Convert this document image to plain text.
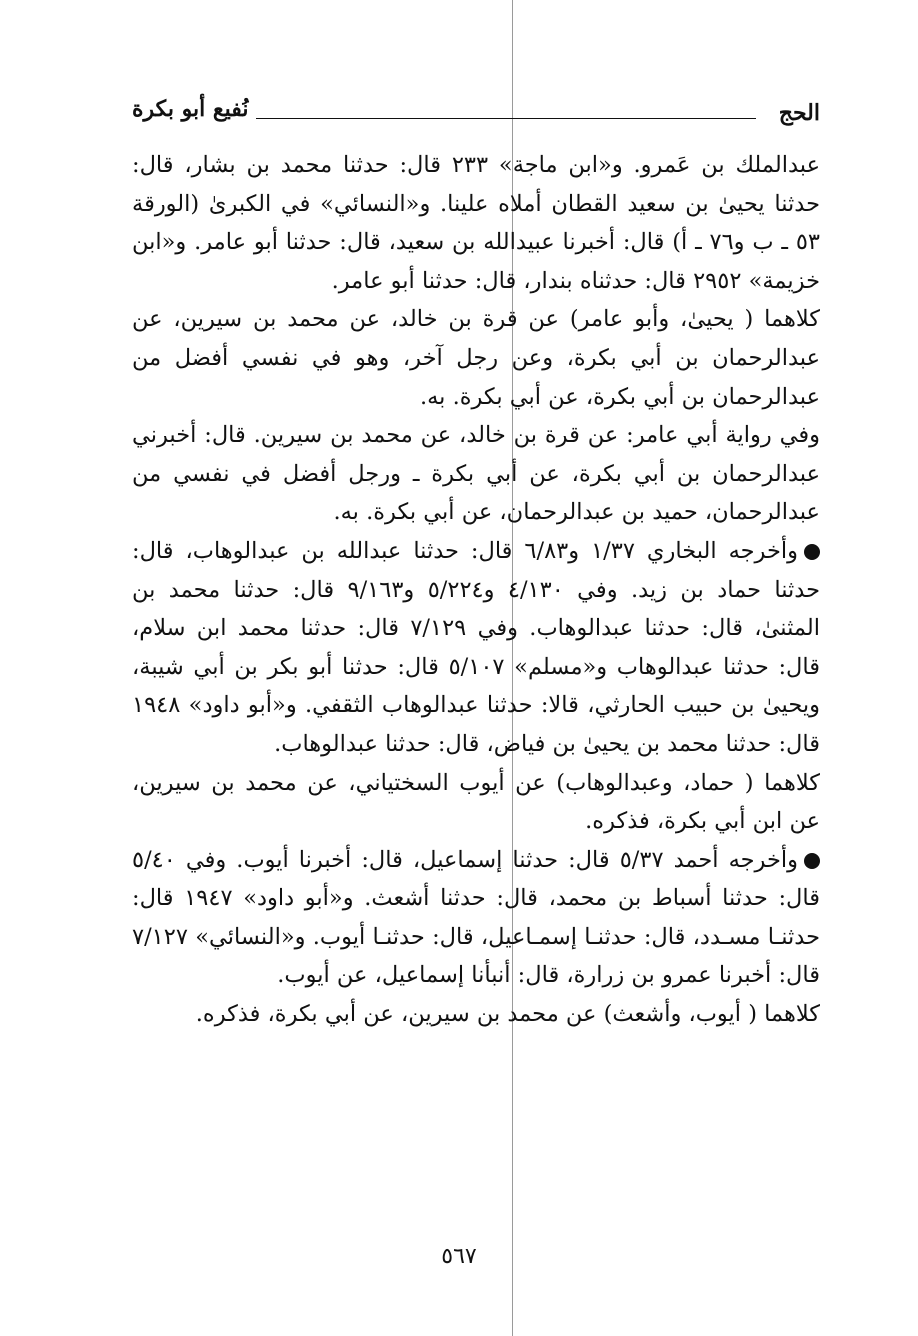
الحج
نُفيع أبو بكرة

عبدالملك بن عَمرو. و«ابن ماجة» ٢٣٣ قال: حدثنا محمد بن بشار، قال: حدثنا يحيىٰ بن سعيد القطان أملاه علينا. و«النسائي» في الكبرىٰ (الورقة ٥٣ ـ ب و٧٦ ـ أ) قال: أخبرنا عبيدالله بن سعيد، قال: حدثنا أبو عامر. و«ابن خزيمة» ٢٩٥٢ قال: حدثناه بندار، قال: حدثنا أبو عامر.

كلاهما ( يحيىٰ، وأبو عامر) عن قرة بن خالد، عن محمد بن سيرين، عن عبدالرحمان بن أبي بكرة، وعن رجل آخر، وهو في نفسي أفضل من عبدالرحمان بن أبي بكرة، عن أبي بكرة. به.

وفي رواية أبي عامر: عن قرة بن خالد، عن محمد بن سيرين. قال: أخبرني عبدالرحمان بن أبي بكرة، عن أبي بكرة ـ ورجل أفضل في نفسي من عبدالرحمان، حميد بن عبدالرحمان، عن أبي بكرة. به.

وأخرجه البخاري ١/٣٧ و٦/٨٣ قال: حدثنا عبدالله بن عبدالوهاب، قال: حدثنا حماد بن زيد. وفي ٤/١٣٠ و٥/٢٢٤ و٩/١٦٣ قال: حدثنا محمد بن المثنىٰ، قال: حدثنا عبدالوهاب. وفي ٧/١٢٩ قال: حدثنا محمد ابن سلام، قال: حدثنا عبدالوهاب و«مسلم» ٥/١٠٧ قال: حدثنا أبو بكر بن أبي شيبة، ويحيىٰ بن حبيب الحارثي، قالا: حدثنا عبدالوهاب الثقفي. و«أبو داود» ١٩٤٨ قال: حدثنا محمد بن يحيىٰ بن فياض، قال: حدثنا عبدالوهاب.

كلاهما ( حماد، وعبدالوهاب) عن أيوب السختياني، عن محمد بن سيرين، عن ابن أبي بكرة، فذكره.

وأخرجه أحمد ٥/٣٧ قال: حدثنا إسماعيل، قال: أخبرنا أيوب. وفي ٥/٤٠ قال: حدثنا أسباط بن محمد، قال: حدثنا أشعث. و«أبو داود» ١٩٤٧ قال: حدثنـا مسـدد، قال: حدثنـا إسمـاعيل، قال: حدثنـا أيوب. و«النسائي» ٧/١٢٧ قال: أخبرنا عمرو بن زرارة، قال: أنبأنا إسماعيل، عن أيوب.

كلاهما ( أيوب، وأشعث) عن محمد بن سيرين، عن أبي بكرة، فذكره.

٥٦٧
